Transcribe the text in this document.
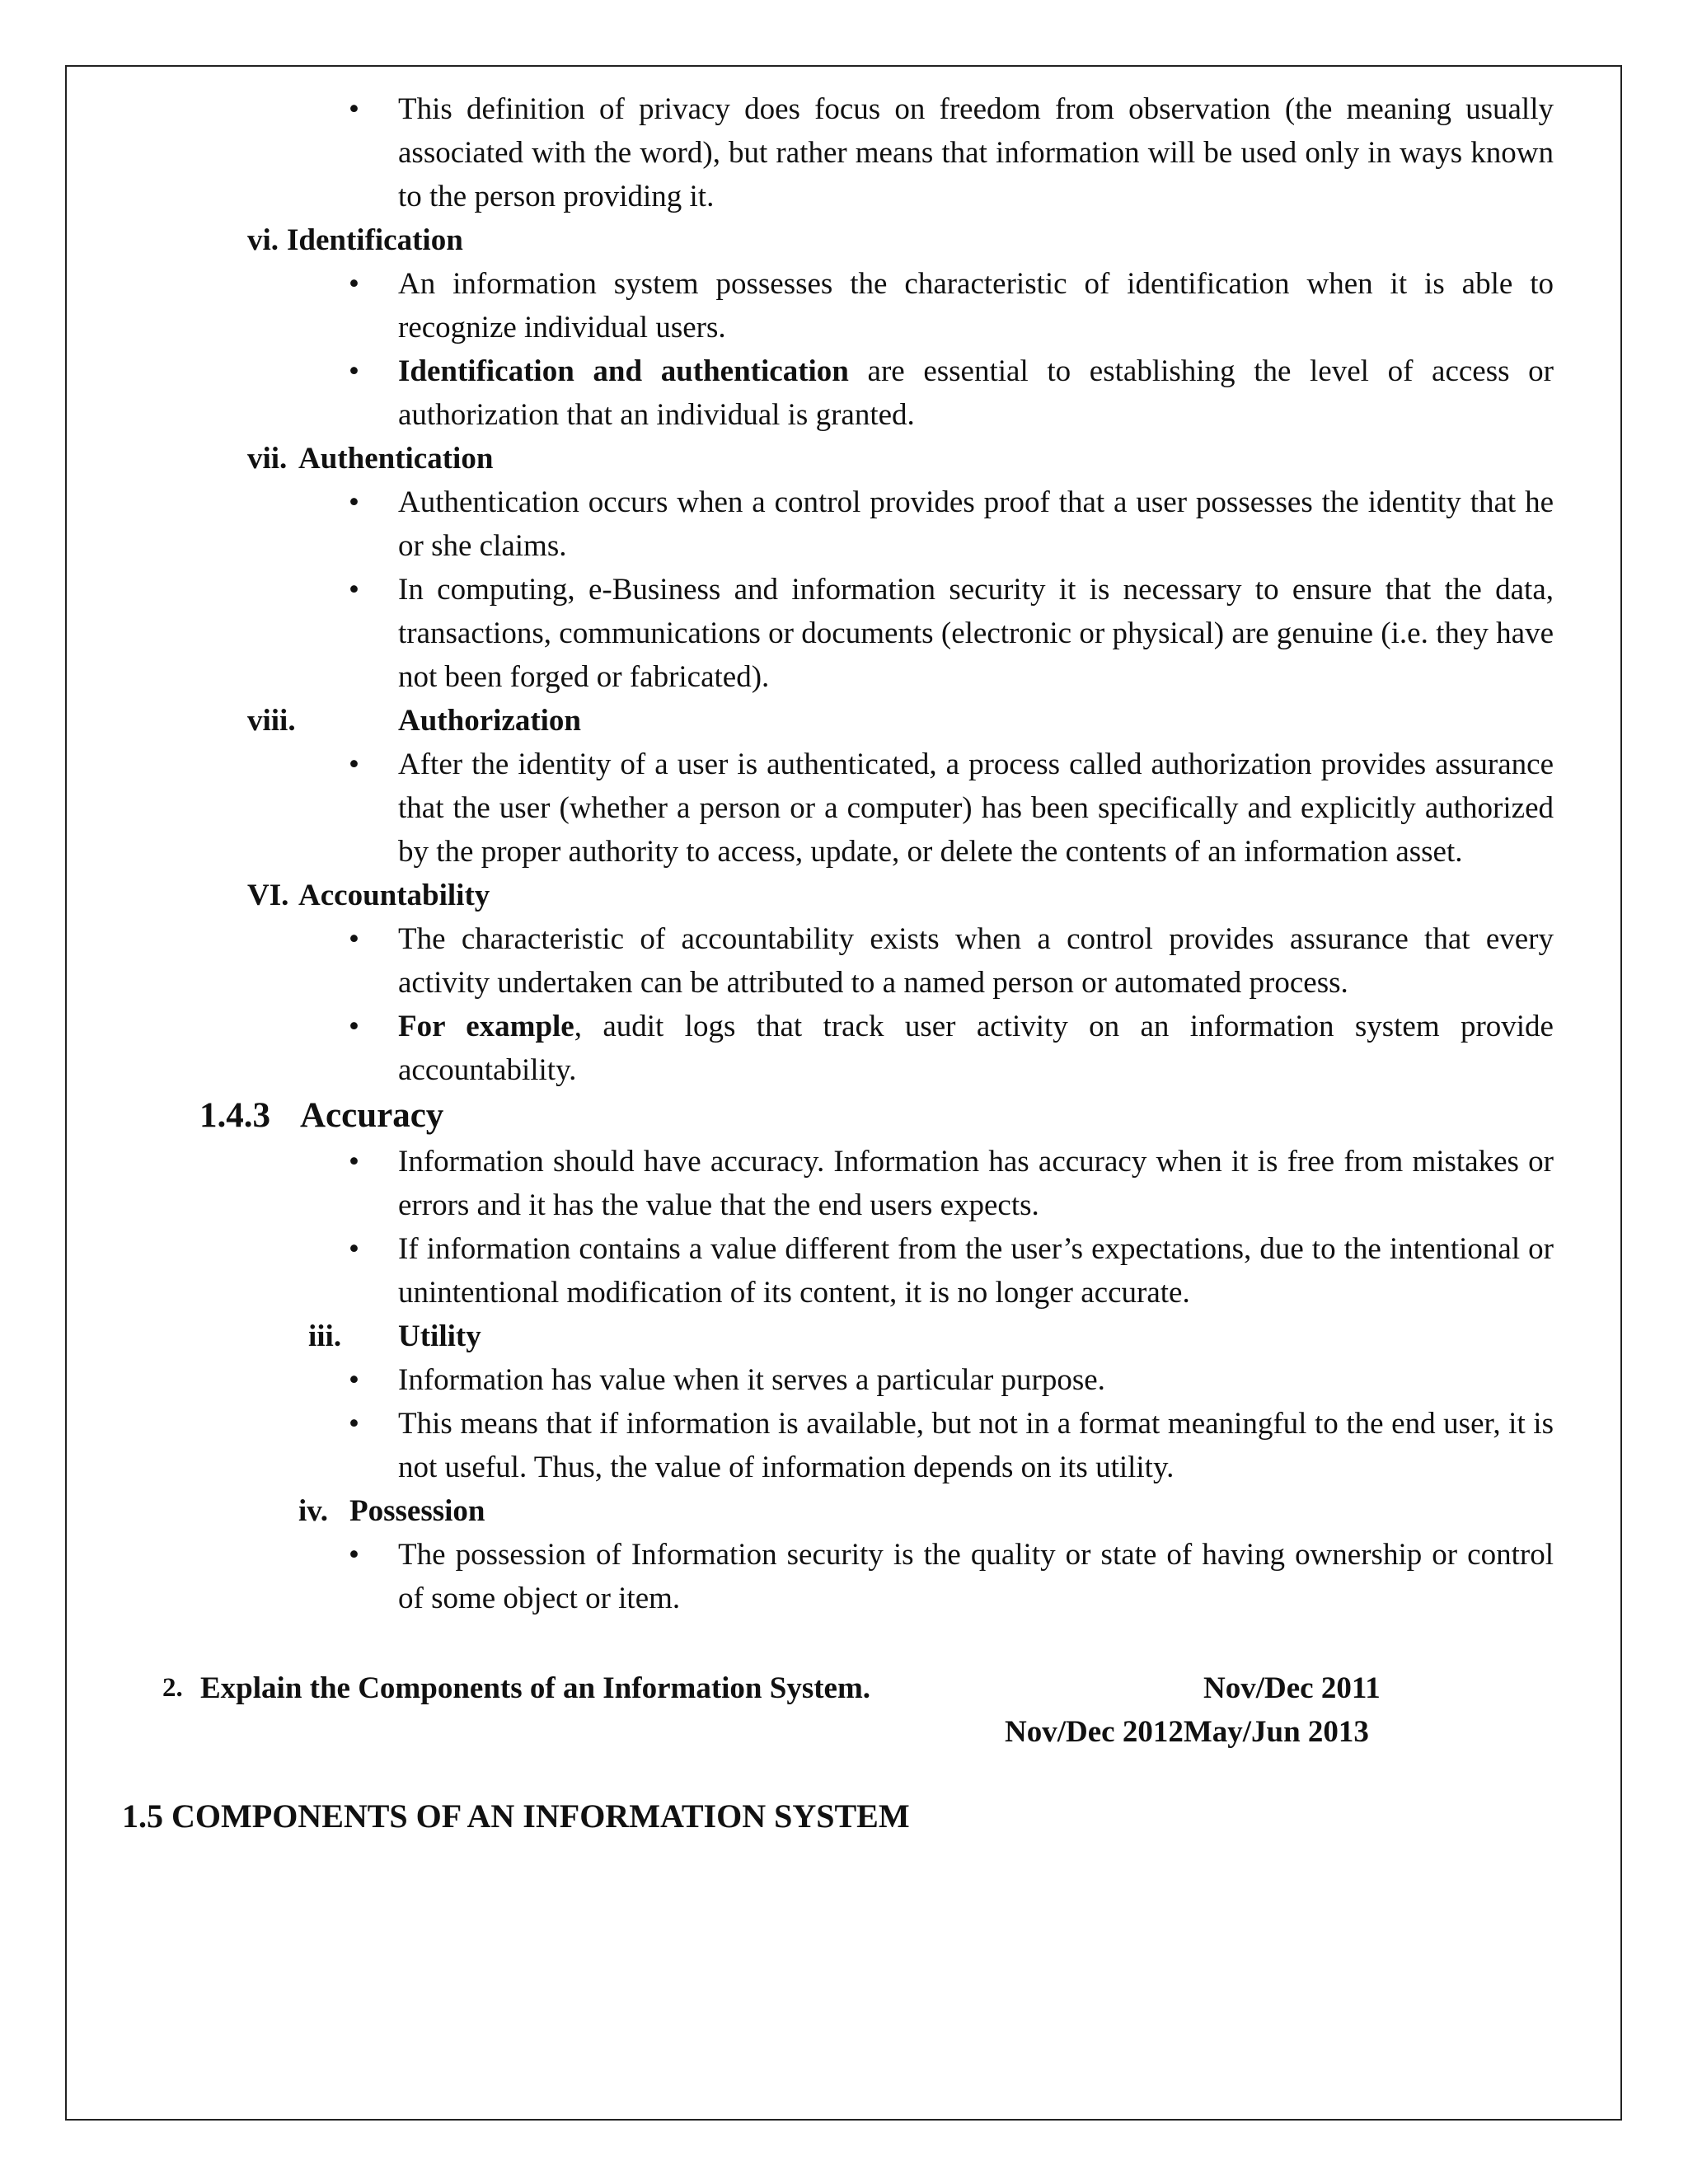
• This definition of privacy does focus on freedom from observation (the meaning usually associated with the word), but rather means that information will be used only in ways known to the person providing it.
vi. Identification
• An information system possesses the characteristic of identification when it is able to recognize individual users.
• Identification and authentication are essential to establishing the level of access or authorization that an individual is granted.
vii. Authentication
• Authentication occurs when a control provides proof that a user possesses the identity that he or she claims.
• In computing, e-Business and information security it is necessary to ensure that the data, transactions, communications or documents (electronic or physical) are genuine (i.e. they have not been forged or fabricated).
viii.	Authorization
• After the identity of a user is authenticated, a process called authorization provides assurance that the user (whether a person or a computer) has been specifically and explicitly authorized by the proper authority to access, update, or delete the contents of an information asset.
VI. Accountability
• The characteristic of accountability exists when a control provides assurance that every activity undertaken can be attributed to a named person or automated process.
• For example, audit logs that track user activity on an information system provide accountability.
1.4.3 Accuracy
• Information should have accuracy. Information has accuracy when it is free from mistakes or errors and it has the value that the end users expects.
• If information contains a value different from the user’s expectations, due to the intentional or unintentional modification of its content, it is no longer accurate.
iii. Utility
• Information has value when it serves a particular purpose.
• This means that if information is available, but not in a format meaningful to the end user, it is not useful. Thus, the value of information depends on its utility.
iv. Possession
• The possession of Information security is the quality or state of having ownership or control of some object or item.
2. Explain the Components of an Information System.	Nov/Dec 2011
Nov/Dec 2012May/Jun 2013
1.5 COMPONENTS OF AN INFORMATION SYSTEM
